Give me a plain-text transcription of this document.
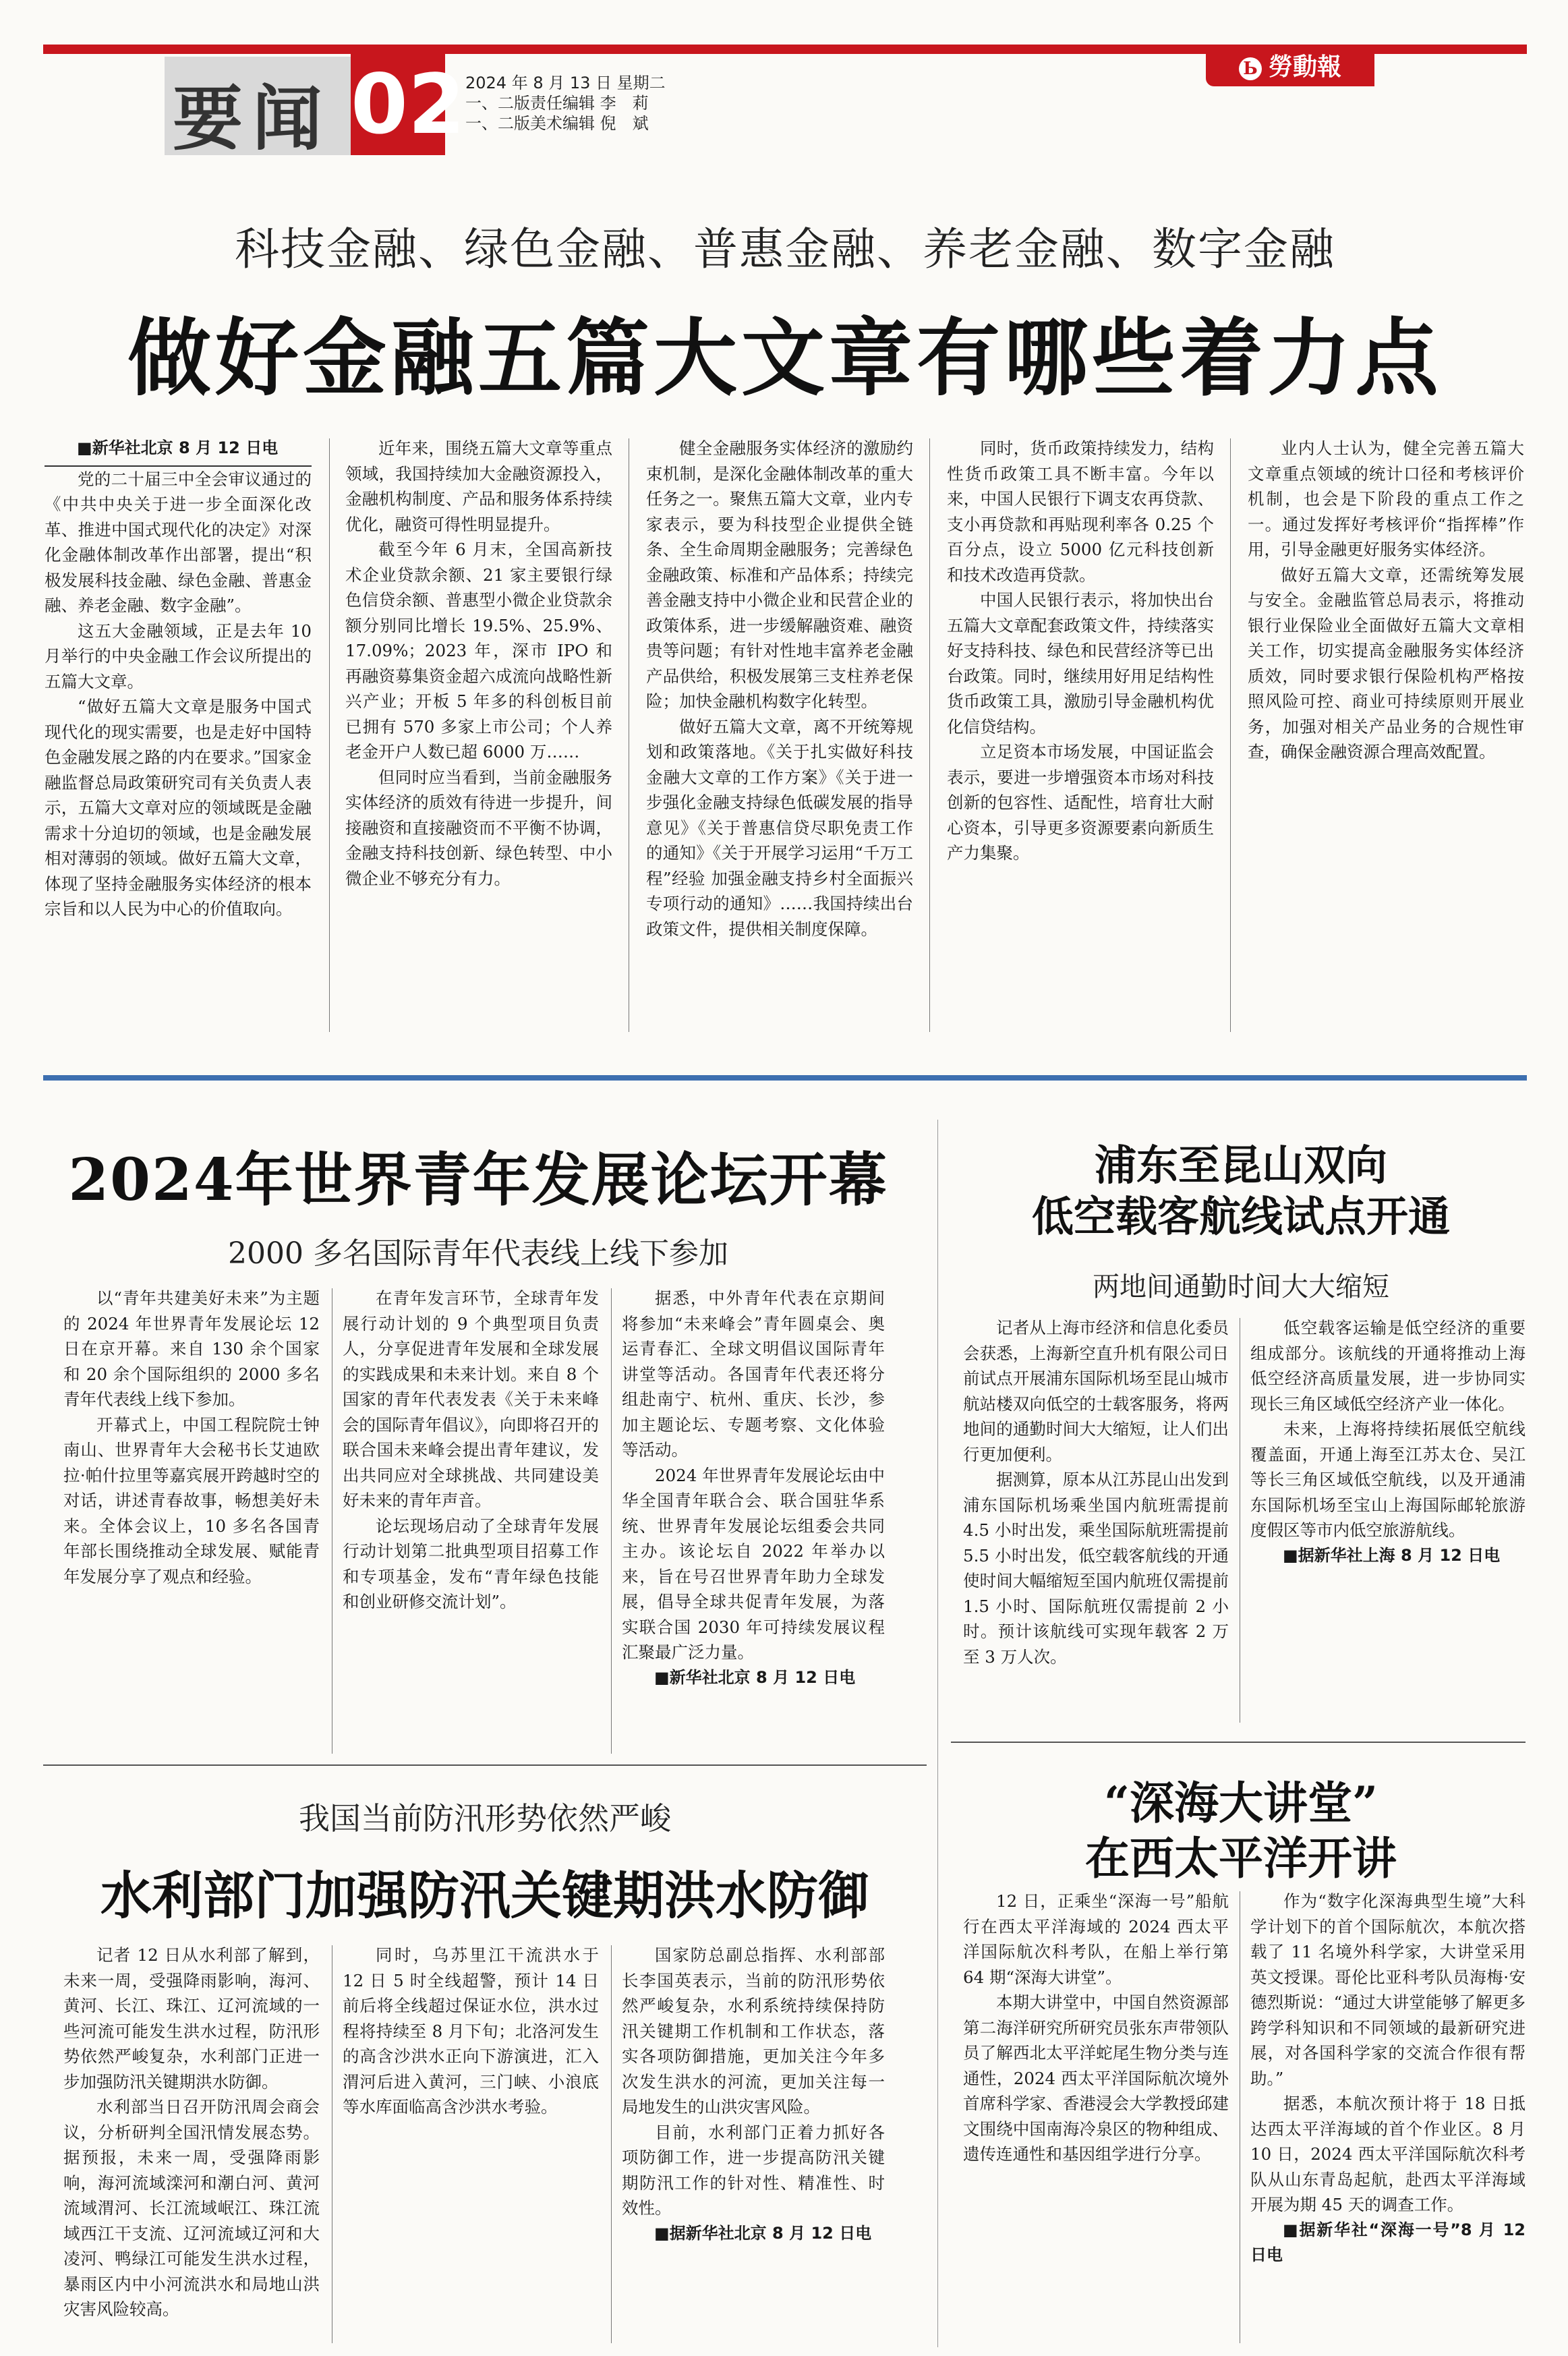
要闻 02 2024 年 8 月 13 日 星期二
一、二版责任编辑 李　莉
一、二版美术编辑 倪　斌
Ь 勞動報
科技金融、绿色金融、普惠金融、养老金融、数字金融
做好金融五篇大文章有哪些着力点

■新华社北京 8 月 12 日电

党的二十届三中全会审议通过的《中共中央关于进一步全面深化改革、推进中国式现代化的决定》对深化金融体制改革作出部署，提出“积极发展科技金融、绿色金融、普惠金融、养老金融、数字金融”。

这五大金融领域，正是去年 10 月举行的中央金融工作会议所提出的五篇大文章。

“做好五篇大文章是服务中国式现代化的现实需要，也是走好中国特色金融发展之路的内在要求。”国家金融监督总局政策研究司有关负责人表示，五篇大文章对应的领域既是金融需求十分迫切的领域，也是金融发展相对薄弱的领域。做好五篇大文章，体现了坚持金融服务实体经济的根本宗旨和以人民为中心的价值取向。

近年来，围绕五篇大文章等重点领域，我国持续加大金融资源投入，金融机构制度、产品和服务体系持续优化，融资可得性明显提升。

截至今年 6 月末，全国高新技术企业贷款余额、21 家主要银行绿色信贷余额、普惠型小微企业贷款余额分别同比增长 19.5%、25.9%、17.09%；2023 年，深市 IPO 和再融资募集资金超六成流向战略性新兴产业；开板 5 年多的科创板目前已拥有 570 多家上市公司；个人养老金开户人数已超 6000 万……

但同时应当看到，当前金融服务实体经济的质效有待进一步提升，间接融资和直接融资而不平衡不协调，金融支持科技创新、绿色转型、中小微企业不够充分有力。

健全金融服务实体经济的激励约束机制，是深化金融体制改革的重大任务之一。聚焦五篇大文章，业内专家表示，要为科技型企业提供全链条、全生命周期金融服务；完善绿色金融政策、标准和产品体系；持续完善金融支持中小微企业和民营企业的政策体系，进一步缓解融资难、融资贵等问题；有针对性地丰富养老金融产品供给，积极发展第三支柱养老保险；加快金融机构数字化转型。

做好五篇大文章，离不开统筹规划和政策落地。《关于扎实做好科技金融大文章的工作方案》《关于进一步强化金融支持绿色低碳发展的指导意见》《关于普惠信贷尽职免责工作的通知》《关于开展学习运用“千万工程”经验 加强金融支持乡村全面振兴专项行动的通知》……我国持续出台政策文件，提供相关制度保障。

同时，货币政策持续发力，结构性货币政策工具不断丰富。今年以来，中国人民银行下调支农再贷款、支小再贷款和再贴现利率各 0.25 个百分点，设立 5000 亿元科技创新和技术改造再贷款。

中国人民银行表示，将加快出台五篇大文章配套政策文件，持续落实好支持科技、绿色和民营经济等已出台政策。同时，继续用好用足结构性货币政策工具，激励引导金融机构优化信贷结构。

立足资本市场发展，中国证监会表示，要进一步增强资本市场对科技创新的包容性、适配性，培育壮大耐心资本，引导更多资源要素向新质生产力集聚。

业内人士认为，健全完善五篇大文章重点领域的统计口径和考核评价机制，也会是下阶段的重点工作之一。通过发挥好考核评价“指挥棒”作用，引导金融更好服务实体经济。

做好五篇大文章，还需统筹发展与安全。金融监管总局表示，将推动银行业保险业全面做好五篇大文章相关工作，切实提高金融服务实体经济质效，同时要求银行保险机构严格按照风险可控、商业可持续原则开展业务，加强对相关产品业务的合规性审查，确保金融资源合理高效配置。

2024年世界青年发展论坛开幕
2000 多名国际青年代表线上线下参加

以“青年共建美好未来”为主题的 2024 年世界青年发展论坛 12 日在京开幕。来自 130 余个国家和 20 余个国际组织的 2000 多名青年代表线上线下参加。

开幕式上，中国工程院院士钟南山、世界青年大会秘书长艾迪欧拉·帕什拉里等嘉宾展开跨越时空的对话，讲述青春故事，畅想美好未来。全体会议上，10 多名各国青年部长围绕推动全球发展、赋能青年发展分享了观点和经验。

在青年发言环节，全球青年发展行动计划的 9 个典型项目负责人，分享促进青年发展和全球发展的实践成果和未来计划。来自 8 个国家的青年代表发表《关于未来峰会的国际青年倡议》，向即将召开的联合国未来峰会提出青年建议，发出共同应对全球挑战、共同建设美好未来的青年声音。

论坛现场启动了全球青年发展行动计划第二批典型项目招募工作和专项基金，发布“青年绿色技能和创业研修交流计划”。

据悉，中外青年代表在京期间将参加“未来峰会”青年圆桌会、奥运青春汇、全球文明倡议国际青年讲堂等活动。各国青年代表还将分组赴南宁、杭州、重庆、长沙，参加主题论坛、专题考察、文化体验等活动。

2024 年世界青年发展论坛由中华全国青年联合会、联合国驻华系统、世界青年发展论坛组委会共同主办。该论坛自 2022 年举办以来，旨在号召世界青年助力全球发展，倡导全球共促青年发展，为落实联合国 2030 年可持续发展议程汇聚最广泛力量。

■新华社北京 8 月 12 日电

浦东至昆山双向
低空载客航线试点开通
两地间通勤时间大大缩短

记者从上海市经济和信息化委员会获悉，上海新空直升机有限公司日前试点开展浦东国际机场至昆山城市航站楼双向低空的士载客服务，将两地间的通勤时间大大缩短，让人们出行更加便利。

据测算，原本从江苏昆山出发到浦东国际机场乘坐国内航班需提前 4.5 小时出发，乘坐国际航班需提前 5.5 小时出发，低空载客航线的开通使时间大幅缩短至国内航班仅需提前 1.5 小时、国际航班仅需提前 2 小时。预计该航线可实现年载客 2 万至 3 万人次。

低空载客运输是低空经济的重要组成部分。该航线的开通将推动上海低空经济高质量发展，进一步协同实现长三角区域低空经济产业一体化。

未来，上海将持续拓展低空航线覆盖面，开通上海至江苏太仓、吴江等长三角区域低空航线，以及开通浦东国际机场至宝山上海国际邮轮旅游度假区等市内低空旅游航线。

■据新华社上海 8 月 12 日电

我国当前防汛形势依然严峻
水利部门加强防汛关键期洪水防御

记者 12 日从水利部了解到，未来一周，受强降雨影响，海河、黄河、长江、珠江、辽河流域的一些河流可能发生洪水过程，防汛形势依然严峻复杂，水利部门正进一步加强防汛关键期洪水防御。

水利部当日召开防汛周会商会议，分析研判全国汛情发展态势。据预报，未来一周，受强降雨影响，海河流域滦河和潮白河、黄河流域渭河、长江流域岷江、珠江流域西江干支流、辽河流域辽河和大凌河、鸭绿江可能发生洪水过程，暴雨区内中小河流洪水和局地山洪灾害风险较高。

同时，乌苏里江干流洪水于 12 日 5 时全线超警，预计 14 日前后将全线超过保证水位，洪水过程将持续至 8 月下旬；北洛河发生的高含沙洪水正向下游演进，汇入渭河后进入黄河，三门峡、小浪底等水库面临高含沙洪水考验。

国家防总副总指挥、水利部部长李国英表示，当前的防汛形势依然严峻复杂，水利系统持续保持防汛关键期工作机制和工作状态，落实各项防御措施，更加关注今年多次发生洪水的河流，更加关注每一局地发生的山洪灾害风险。

目前，水利部门正着力抓好各项防御工作，进一步提高防汛关键期防汛工作的针对性、精准性、时效性。

■据新华社北京 8 月 12 日电

“深海大讲堂”
在西太平洋开讲

12 日，正乘坐“深海一号”船航行在西太平洋海域的 2024 西太平洋国际航次科考队，在船上举行第 64 期“深海大讲堂”。

本期大讲堂中，中国自然资源部第二海洋研究所研究员张东声带领队员了解西北太平洋蛇尾生物分类与连通性，2024 西太平洋国际航次境外首席科学家、香港浸会大学教授邱建文围绕中国南海冷泉区的物种组成、遗传连通性和基因组学进行分享。

作为“数字化深海典型生境”大科学计划下的首个国际航次，本航次搭载了 11 名境外科学家，大讲堂采用英文授课。哥伦比亚科考队员海梅·安德烈斯说：“通过大讲堂能够了解更多跨学科知识和不同领域的最新研究进展，对各国科学家的交流合作很有帮助。”

据悉，本航次预计将于 18 日抵达西太平洋海域的首个作业区。8 月 10 日，2024 西太平洋国际航次科考队从山东青岛起航，赴西太平洋海域开展为期 45 天的调查工作。

■据新华社“深海一号”8 月 12 日电
